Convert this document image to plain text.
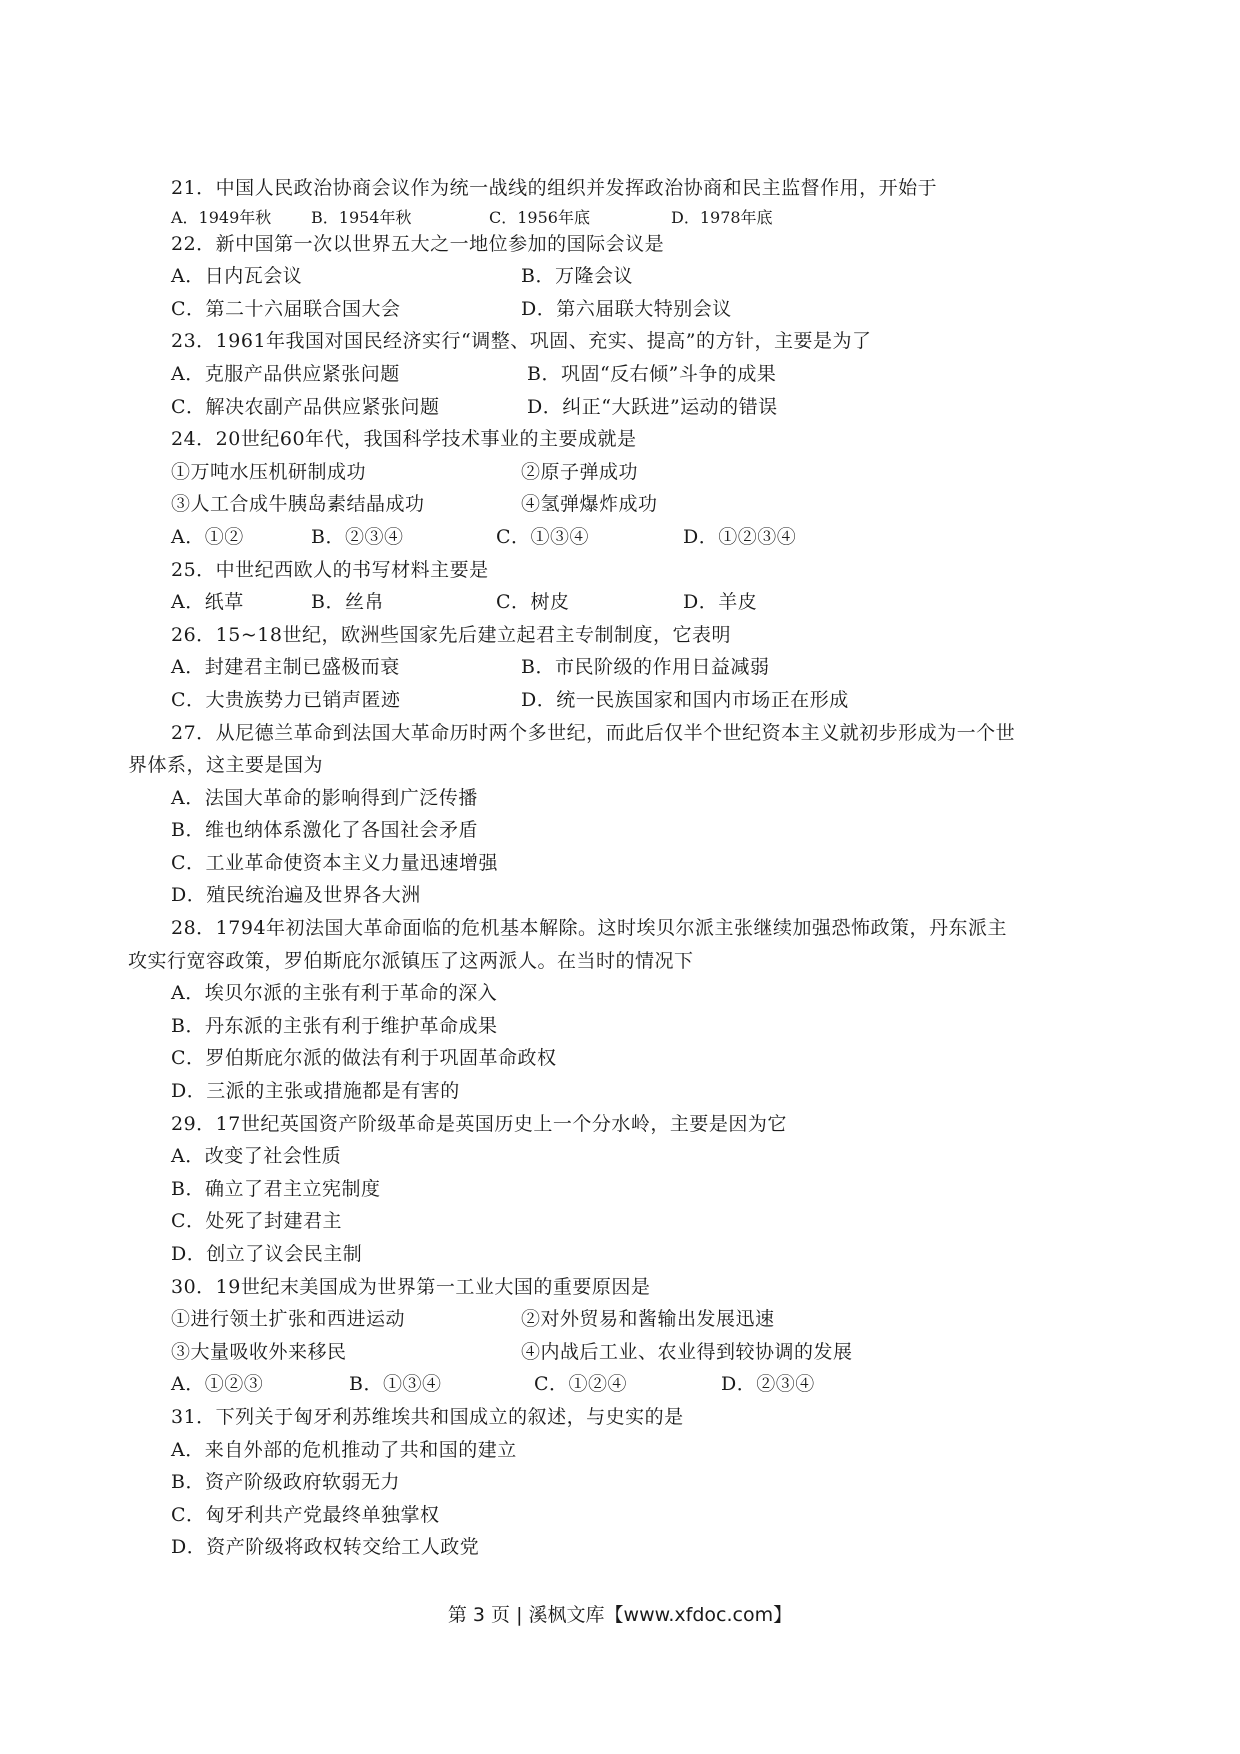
21．中国人民政治协商会议作为统一战线的组织并发挥政治协商和民主监督作用，开始于
A．1949年秋	B．1954年秋	C．1956年底	D．1978年底
22．新中国第一次以世界五大之一地位参加的国际会议是
A．日内瓦会议	B．万隆会议
C．第二十六届联合国大会	D．第六届联大特别会议
23．1961年我国对国民经济实行“调整、巩固、充实、提高”的方针，主要是为了
A．克服产品供应紧张问题	B．巩固“反右倾”斗争的成果
C．解决农副产品供应紧张问题	D．纠正“大跃进”运动的错误
24．20世纪60年代，我国科学技术事业的主要成就是
①万吨水压机研制成功	②原子弹成功
③人工合成牛胰岛素结晶成功	④氢弹爆炸成功
A．①②	B．②③④	C．①③④	D．①②③④
25．中世纪西欧人的书写材料主要是
A．纸草	B．丝帛	C．树皮	D．羊皮
26．15~18世纪，欧洲些国家先后建立起君主专制制度，它表明
A．封建君主制已盛极而衰	B．市民阶级的作用日益减弱
C．大贵族势力已销声匿迹	D．统一民族国家和国内市场正在形成
27．从尼德兰革命到法国大革命历时两个多世纪，而此后仅半个世纪资本主义就初步形成为一个世
界体系，这主要是国为
A．法国大革命的影响得到广泛传播
B．维也纳体系激化了各国社会矛盾
C．工业革命使资本主义力量迅速增强
D．殖民统治遍及世界各大洲
28．1794年初法国大革命面临的危机基本解除。这时埃贝尔派主张继续加强恐怖政策，丹东派主
攻实行宽容政策，罗伯斯庇尔派镇压了这两派人。在当时的情况下
A．埃贝尔派的主张有利于革命的深入
B．丹东派的主张有利于维护革命成果
C．罗伯斯庇尔派的做法有利于巩固革命政权
D．三派的主张或措施都是有害的
29．17世纪英国资产阶级革命是英国历史上一个分水岭，主要是因为它
A．改变了社会性质
B．确立了君主立宪制度
C．处死了封建君主
D．创立了议会民主制
30．19世纪末美国成为世界第一工业大国的重要原因是
①进行领土扩张和西进运动	②对外贸易和酱输出发展迅速
③大量吸收外来移民	④内战后工业、农业得到较协调的发展
A．①②③	B．①③④	C．①②④	D．②③④
31．下列关于匈牙利苏维埃共和国成立的叙述，与史实的是
A．来自外部的危机推动了共和国的建立
B．资产阶级政府软弱无力
C．匈牙利共产党最终单独掌权
D．资产阶级将政权转交给工人政党
第 3 页 | 溪枫文库【www.xfdoc.com】
